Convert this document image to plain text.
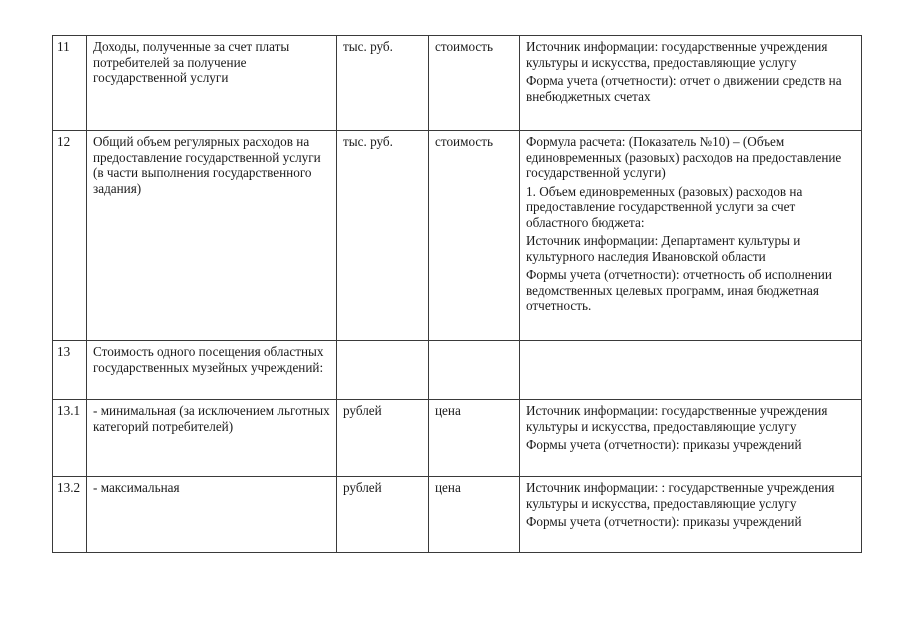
11	Доходы, полученные за счет платы потребителей за получение государственной услуги	тыс. руб.	стоимость	Источник информации: государственные учреждения культуры и искусства, предоставляющие услугу

Форма учета (отчетности): отчет о движении средств на внебюджетных счетах

12	Общий объем регулярных расходов на предоставление государственной услуги (в части выполнения государственного задания)	тыс. руб.	стоимость	Формула расчета: (Показатель №10) – (Объем единовременных (разовых) расходов на предоставление государственной услуги)

1. Объем единовременных (разовых) расходов на предоставление государственной услуги за счет областного бюджета:

Источник информации: Департамент культуры и культурного наследия Ивановской области

Формы учета (отчетности): отчетность об исполнении ведомственных целевых программ, иная бюджетная отчетность.

13	Стоимость одного посещения областных государственных музейных учреждений:			
13.1	- минимальная (за исключением льготных категорий потребителей)	рублей	цена	Источник информации: государственные учреждения культуры и искусства, предоставляющие услугу

Формы учета (отчетности): приказы учреждений

13.2	- максимальная	рублей	цена	Источник информации: : государственные учреждения культуры и искусства, предоставляющие услугу

Формы учета (отчетности): приказы учреждений
